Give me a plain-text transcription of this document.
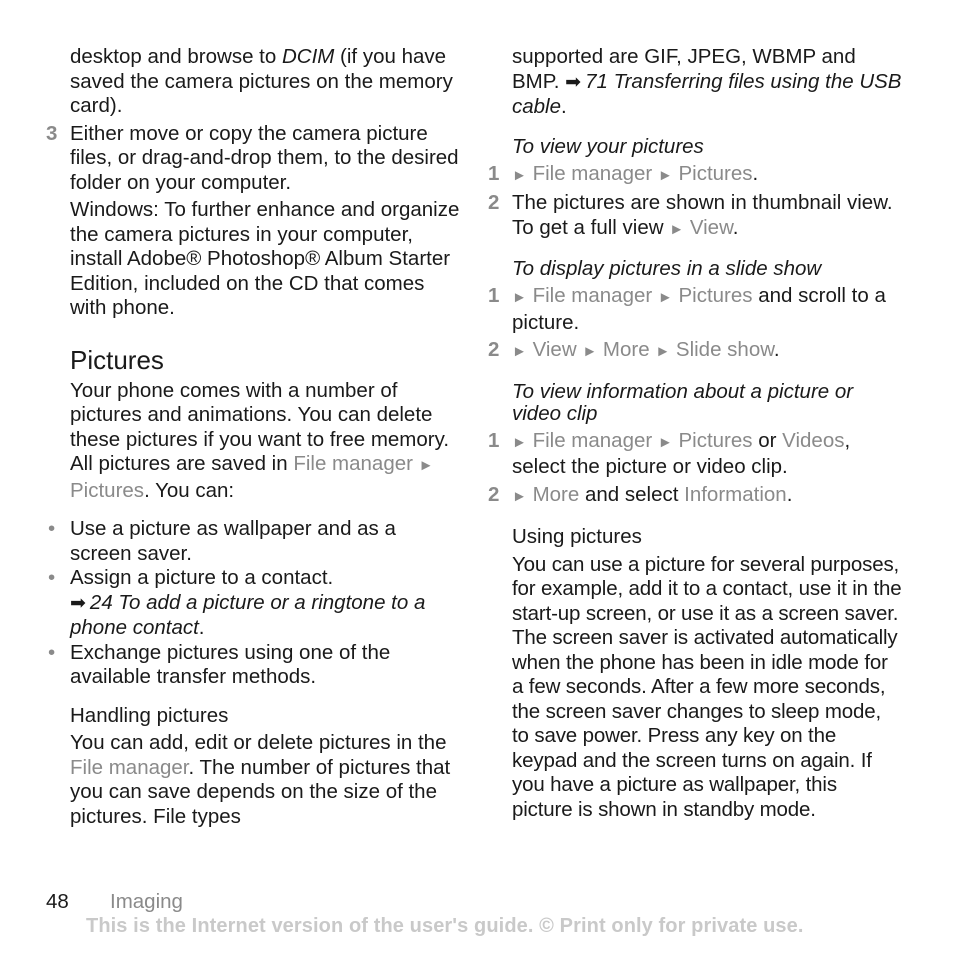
desktop and browse to DCIM (if you have saved the camera pictures on the memory card).

3 Either move or copy the camera picture files, or drag-and-drop them, to the desired folder on your computer.

Windows: To further enhance and organize the camera pictures in your computer, install Adobe® Photoshop® Album Starter Edition, included on the CD that comes with phone.

Pictures

Your phone comes with a number of pictures and animations. You can delete these pictures if you want to free memory. All pictures are saved in File manager ► Pictures. You can:

• Use a picture as wallpaper and as a screen saver.

• Assign a picture to a contact.
➡ 24 To add a picture or a ringtone to a phone contact.

• Exchange pictures using one of the available transfer methods.

Handling pictures

You can add, edit or delete pictures in the File manager. The number of pictures that you can save depends on the size of the pictures. File types

supported are GIF, JPEG, WBMP and BMP. ➡ 71 Transferring files using the USB cable.

To view your pictures

1 ► File manager ► Pictures.

2 The pictures are shown in thumbnail view. To get a full view ► View.

To display pictures in a slide show

1 ► File manager ► Pictures and scroll to a picture.

2 ► View ► More ► Slide show.

To view information about a picture or video clip

1 ► File manager ► Pictures or Videos, select the picture or video clip.

2 ► More and select Information.

Using pictures

You can use a picture for several purposes, for example, add it to a contact, use it in the start-up screen, or use it as a screen saver. The screen saver is activated automatically when the phone has been in idle mode for a few seconds. After a few more seconds, the screen saver changes to sleep mode, to save power. Press any key on the keypad and the screen turns on again. If you have a picture as wallpaper, this picture is shown in standby mode.

48 Imaging
This is the Internet version of the user's guide. © Print only for private use.
